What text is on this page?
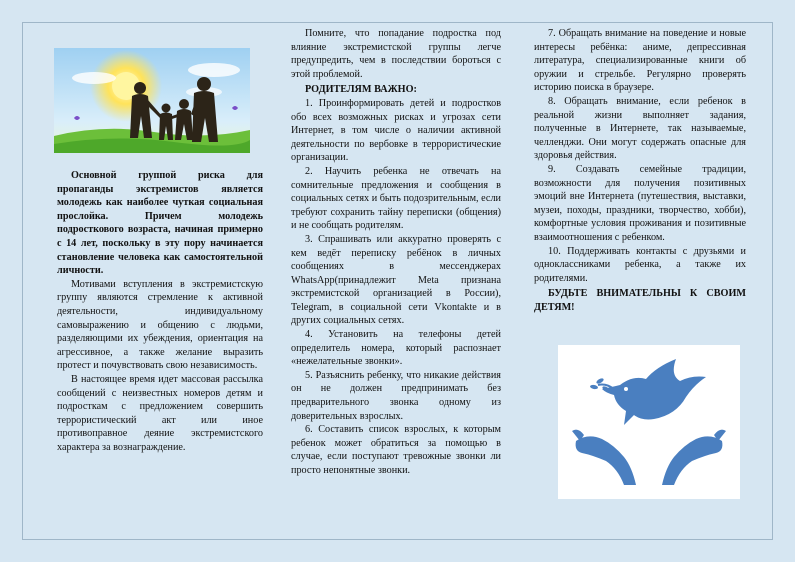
Основной группой риска для пропаганды экстремистов является молодежь как наиболее чуткая социальная прослойка. Причем молодежь подросткового возраста, начиная примерно с 14 лет, поскольку в эту пору начинается становление человека как самостоятельной личности.

Мотивами вступления в экстремистскую группу являются стремление к активной деятельности, индивидуальному самовыражению и общению с людьми, разделяющими их убеждения, ориентация на агрессивное, а также желание выразить протест и почувствовать свою независимость.

В настоящее время идет массовая рассылка сообщений с неизвестных номеров детям и подросткам с предложением совершить террористический акт или иное противоправное деяние экстремистского характера за вознаграждение.

Помните, что попадание подростка под влияние экстремистской группы легче предупредить, чем в последствии бороться с этой проблемой.

РОДИТЕЛЯМ ВАЖНО:

1. Проинформировать детей и подростков обо всех возможных рисках и угрозах сети Интернет, в том числе о наличии активной деятельности по вербовке в террористические организации.

2. Научить ребенка не отвечать на сомнительные предложения и сообщения в социальных сетях и быть подозрительным, если требуют сохранить тайну переписки (общения) и не сообщать родителям.

3. Спрашивать или аккуратно проверять с кем ведёт переписку ребёнок в личных сообщениях в мессенджерах WhatsApp(принадлежит Meta признана экстремистской организацией в России), Telegram, в социальной сети Vkontakte и в других социальных сетях.

4. Установить на телефоны детей определитель номера, который распознает «нежелательные звонки».

5. Разъяснить ребенку, что никакие действия он не должен предпринимать без предварительного звонка одному из доверительных взрослых.

6. Составить список взрослых, к которым ребенок может обратиться за помощью в случае, если поступают тревожные звонки ли просто непонятные звонки.

7. Обращать внимание на поведение и новые интересы ребёнка: аниме, депрессивная литература, специализированные книги об оружии и стрельбе. Регулярно проверять историю поиска в браузере.

8. Обращать внимание, если ребенок в реальной жизни выполняет задания, полученные в Интернете, так называемые, челленджи. Они могут содержать опасные для здоровья действия.

9. Создавать семейные традиции, возможности для получения позитивных эмоций вне Интернета (путешествия, выставки, музеи, походы, праздники, творчество, хобби), комфортные условия проживания и позитивные взаимоотношения с ребенком.

10. Поддерживать контакты с друзьями и одноклассниками ребенка, а также их родителями.

БУДЬТЕ ВНИМАТЕЛЬНЫ К СВОИМ ДЕТЯМ!
